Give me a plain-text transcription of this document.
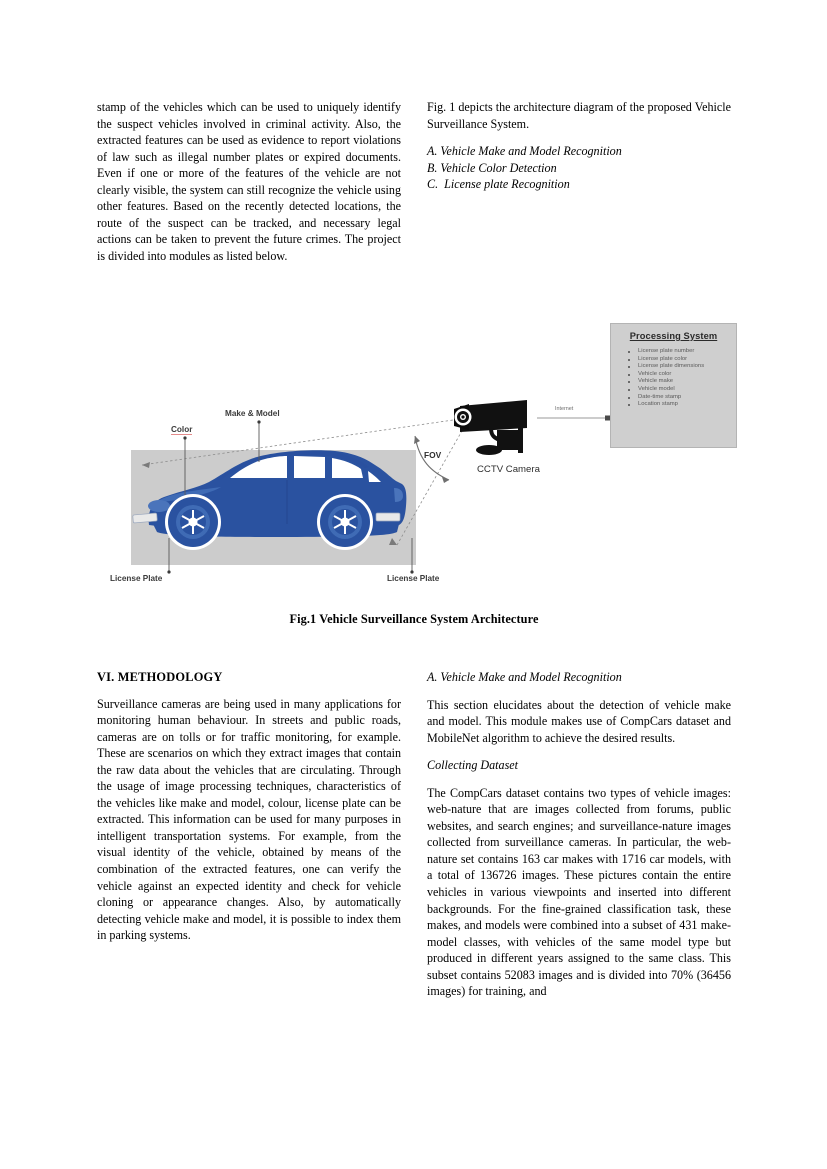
stamp of the vehicles which can be used to uniquely identify the suspect vehicles involved in criminal activity. Also, the extracted features can be used as evidence to report violations of law such as illegal number plates or expired documents. Even if one or more of the features of the vehicle are not clearly visible, the system can still recognize the vehicle using other features. Based on the recently detected locations, the route of the suspect can be tracked, and necessary legal actions can be taken to prevent the future crimes. The project is divided into modules as listed below.

Fig. 1 depicts the architecture diagram of the proposed Vehicle Surveillance System.

A. Vehicle Make and Model Recognition
B. Vehicle Color Detection
C.  License plate Recognition
Processing System
License plate number
License plate color
License plate dimensions
Vehicle color
Vehicle make
Vehicle model
Date-time stamp
Location stamp
Color
Make & Model
License Plate	License Plate
FOV
CCTV Camera
Internet
Fig.1 Vehicle Surveillance System Architecture
VI. METHODOLOGY

Surveillance cameras are being used in many applications for monitoring human behaviour. In streets and public roads, cameras are on tolls or for traffic monitoring, for example. These are scenarios on which they extract images that contain the raw data about the vehicles that are circulating. Through the usage of image processing techniques, characteristics of the vehicles like make and model, colour, license plate can be extracted. This information can be used for many purposes in intelligent transportation systems. For example, from the visual identity of the vehicle, obtained by means of the combination of the extracted features, one can verify the vehicle against an expected identity and check for vehicle cloning or appearance changes. Also, by automatically detecting vehicle make and model, it is possible to index them in parking systems.

A. Vehicle Make and Model Recognition

This section elucidates about the detection of vehicle make and model. This module makes use of CompCars dataset and MobileNet algorithm to achieve the desired results.

Collecting Dataset

The CompCars dataset contains two types of vehicle images: web-nature that are images collected from forums, public websites, and search engines; and surveillance-nature images collected from surveillance cameras. In particular, the web-nature set contains 163 car makes with 1716 car models, with a total of 136726 images. These pictures contain the entire vehicles in various viewpoints and inserted into different backgrounds. For the fine-grained classification task, these makes, and models were combined into a subset of 431 make-model classes, with vehicles of the same model type but produced in different years assigned to the same class. This subset contains 52083 images and is divided into 70% (36456 images) for training, and
